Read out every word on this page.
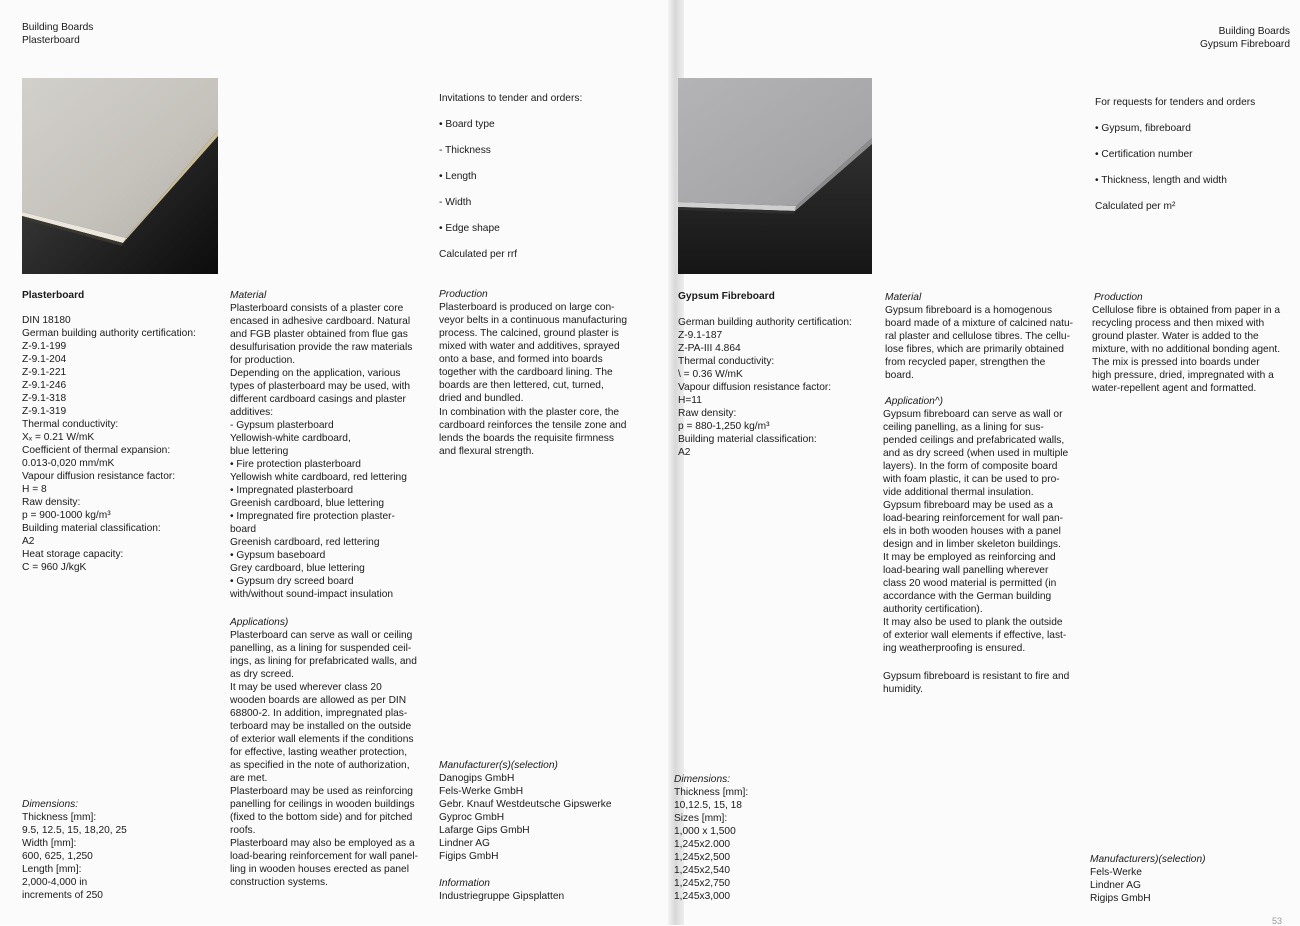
Building Boards
Plasterboard

Invitations to tender and orders:

• Board type

- Thickness

• Length

- Width

• Edge shape

Calculated per rrf

Plasterboard
DIN 18180
German building authority certification:
Z-9.1-199
Z-9.1-204
Z-9.1-221
Z-9.1-246
Z-9.1-318
Z-9.1-319
Thermal conductivity:
Xₓ = 0.21 W/mK
Coefficient of thermal expansion:
0.013-0,020 mm/mK
Vapour diffusion resistance factor:
H = 8
Raw density:
p = 900-1000 kg/m³
Building material classification:
A2
Heat storage capacity:
C = 960 J/kgK
Dimensions:
Thickness [mm]:
9.5, 12.5, 15, 18,20, 25
Width [mm]:
600, 625, 1,250
Length [mm]:
2,000-4,000 in
increments of 250
Material
Plasterboard consists of a plaster core
encased in adhesive cardboard. Natural
and FGB plaster obtained from flue gas
desulfurisation provide the raw materials
for production.
Depending on the application, various
types of plasterboard may be used, with
different cardboard casings and plaster
additives:
- Gypsum plasterboard
Yellowish-white cardboard,
blue lettering
• Fire protection plasterboard
Yellowish white cardboard, red lettering
• Impregnated plasterboard
Greenish cardboard, blue lettering
• Impregnated fire protection plaster-
board
Greenish cardboard, red lettering
• Gypsum baseboard
Grey cardboard, blue lettering
• Gypsum dry screed board
with/without sound-impact insulation
Applications)
Plasterboard can serve as wall or ceiling
panelling, as a lining for suspended ceil-
ings, as lining for prefabricated walls, and
as dry screed.
It may be used wherever class 20
wooden boards are allowed as per DIN
68800-2. In addition, impregnated plas-
terboard may be installed on the outside
of exterior wall elements if the conditions
for effective, lasting weather protection,
as specified in the note of authorization,
are met.
Plasterboard may be used as reinforcing
panelling for ceilings in wooden buildings
(fixed to the bottom side) and for pitched
roofs.
Plasterboard may also be employed as a
load-bearing reinforcement for wall panel-
ling in wooden houses erected as panel
construction systems.
Production
Plasterboard is produced on large con-
veyor belts in a continuous manufacturing
process. The calcined, ground plaster is
mixed with water and additives, sprayed
onto a base, and formed into boards
together with the cardboard lining. The
boards are then lettered, cut, turned,
dried and bundled.
In combination with the plaster core, the
cardboard reinforces the tensile zone and
lends the boards the requisite firmness
and flexural strength.
Manufacturer(s)(selection)
Danogips GmbH
Fels-Werke GmbH
Gebr. Knauf Westdeutsche Gipswerke
Gyproc GmbH
Lafarge Gips GmbH
Lindner AG
Figips GmbH
Information
Industriegruppe Gipsplatten
Building Boards
Gypsum Fibreboard

For requests for tenders and orders

• Gypsum, fibreboard

• Certification number

• Thickness, length and width

Calculated per m²

Gypsum Fibreboard
German building authority certification:
Z-9.1-187
Z-PA-III 4.864
Thermal conductivity:
\ = 0.36 W/mK
Vapour diffusion resistance factor:
H=11
Raw density:
p = 880-1,250 kg/m³
Building material classification:
A2
Dimensions:
Thickness [mm]:
10,12.5, 15, 18
Sizes [mm]:
1,000 x 1,500
1,245x2.000
1,245x2,500
1,245x2,540
1,245x2,750
1,245x3,000
Material
Gypsum fibreboard is a homogenous
board made of a mixture of calcined natu-
ral plaster and cellulose tibres. The cellu-
lose fibres, which are primarily obtained
from recycled paper, strengthen the
board.
Application^)
Gypsum fibreboard can serve as wall or
ceiling panelling, as a lining for sus-
pended ceilings and prefabricated walls,
and as dry screed (when used in multiple
layers). In the form of composite board
with foam plastic, it can be used to pro-
vide additional thermal insulation.
Gypsum fibreboard may be used as a
load-bearing reinforcement for wall pan-
els in both wooden houses with a panel
design and in limber skeleton buildings.
It may be employed as reinforcing and
load-bearing wall panelling wherever
class 20 wood material is permitted (in
accordance with the German building
authority certification).
It may also be used to plank the outside
of exterior wall elements if effective, last-
ing weatherproofing is ensured.
Gypsum fibreboard is resistant to fire and
humidity.
Production
Cellulose fibre is obtained from paper in a
recycling process and then mixed with
ground plaster. Water is added to the
mixture, with no additional bonding agent.
The mix is pressed into boards under
high pressure, dried, impregnated with a
water-repellent agent and formatted.
Manufacturers)(selection)
Fels-Werke
Lindner AG
Rigips GmbH
53
